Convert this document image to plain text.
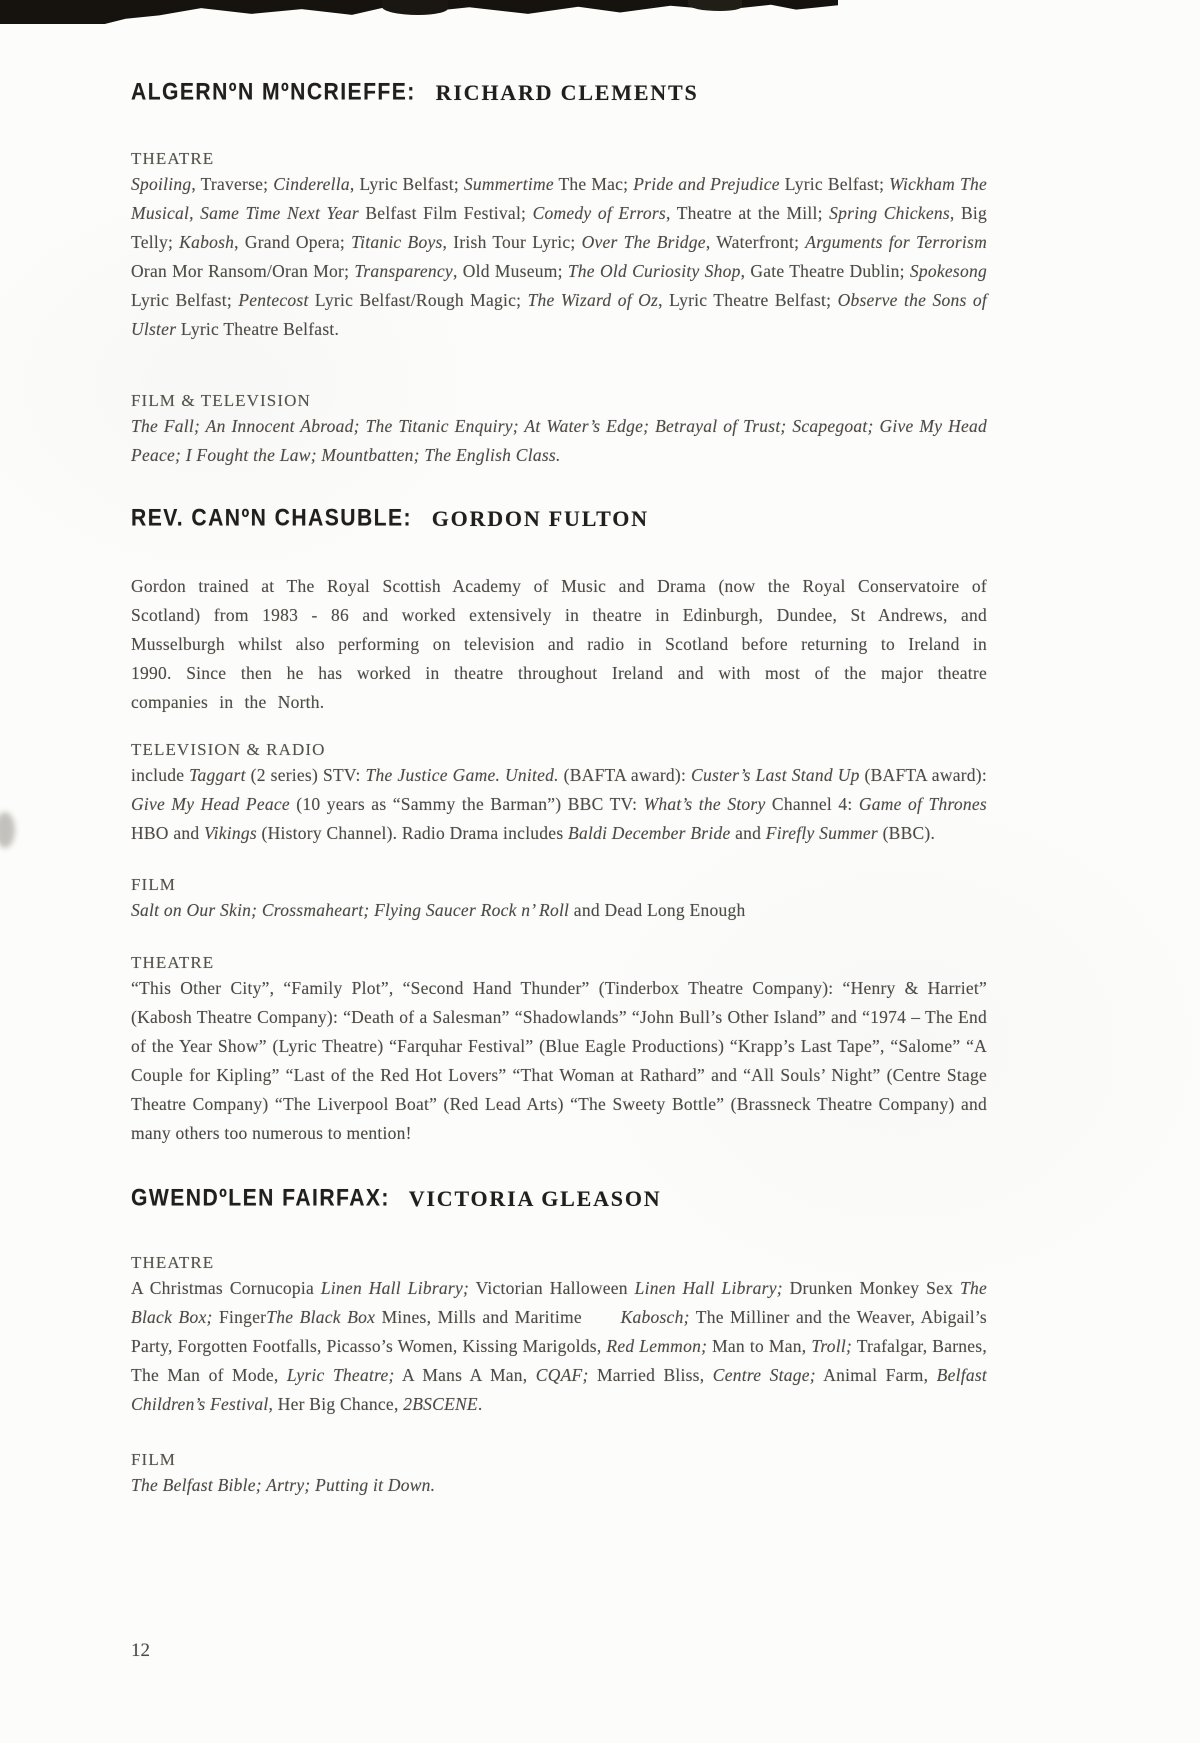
ALGERNºN MºNCRIEFFE: RICHARD CLEMENTS
THEATRE

Spoiling, Traverse; Cinderella, Lyric Belfast; Summertime The Mac; Pride and Prejudice Lyric Belfast; Wickham The Musical, Same Time Next Year Belfast Film Festival; Comedy of Errors, Theatre at the Mill; Spring Chickens, Big Telly; Kabosh, Grand Opera; Titanic Boys, Irish Tour Lyric; Over The Bridge, Waterfront; Arguments for Terrorism Oran Mor Ransom/Oran Mor; Transparency, Old Museum; The Old Curiosity Shop, Gate Theatre Dublin; Spokesong Lyric Belfast; Pentecost Lyric Belfast/Rough Magic; The Wizard of Oz, Lyric Theatre Belfast; Observe the Sons of Ulster Lyric Theatre Belfast.

FILM & TELEVISION

The Fall; An Innocent Abroad; The Titanic Enquiry; At Water’s Edge; Betrayal of Trust; Scapegoat; Give My Head Peace; I Fought the Law; Mountbatten; The English Class.

REV. CANºN CHASUBLE: GORDON FULTON

Gordon trained at The Royal Scottish Academy of Music and Drama (now the Royal Conservatoire of Scotland) from 1983 - 86 and worked extensively in theatre in Edinburgh, Dundee, St Andrews, and Musselburgh whilst also performing on television and radio in Scotland before returning to Ireland in 1990. Since then he has worked in theatre throughout Ireland and with most of the major theatre companies in the North.

TELEVISION & RADIO

include Taggart (2 series) STV: The Justice Game. United. (BAFTA award): Custer’s Last Stand Up (BAFTA award): Give My Head Peace (10 years as “Sammy the Barman”) BBC TV: What’s the Story Channel 4: Game of Thrones HBO and Vikings (History Channel). Radio Drama includes Baldi December Bride and Firefly Summer (BBC).

FILM

Salt on Our Skin; Crossmaheart; Flying Saucer Rock n’ Roll and Dead Long Enough

THEATRE

“This Other City”, “Family Plot”, “Second Hand Thunder” (Tinderbox Theatre Company): “Henry & Harriet” (Kabosh Theatre Company): “Death of a Salesman” “Shadowlands” “John Bull’s Other Island” and “1974 – The End of the Year Show” (Lyric Theatre) “Farquhar Festival” (Blue Eagle Productions) “Krapp’s Last Tape”, “Salome” “A Couple for Kipling” “Last of the Red Hot Lovers” “That Woman at Rathard” and “All Souls’ Night” (Centre Stage Theatre Company) “The Liverpool Boat” (Red Lead Arts) “The Sweety Bottle” (Brassneck Theatre Company) and many others too numerous to mention!

GWENDºLEN FAIRFAX: VICTORIA GLEASON
THEATRE

A Christmas Cornucopia Linen Hall Library; Victorian Halloween Linen Hall Library; Drunken Monkey Sex The Black Box; FingerThe Black Box Mines, Mills and Maritime      Kabosch; The Milliner and the Weaver, Abigail’s Party, Forgotten Footfalls, Picasso’s Women, Kissing Marigolds, Red Lemmon; Man to Man, Troll; Trafalgar, Barnes, The Man of Mode, Lyric Theatre; A Mans A Man, CQAF; Married Bliss, Centre Stage; Animal Farm, Belfast Children’s Festival, Her Big Chance, 2BSCENE.

FILM

The Belfast Bible; Artry; Putting it Down.

12
